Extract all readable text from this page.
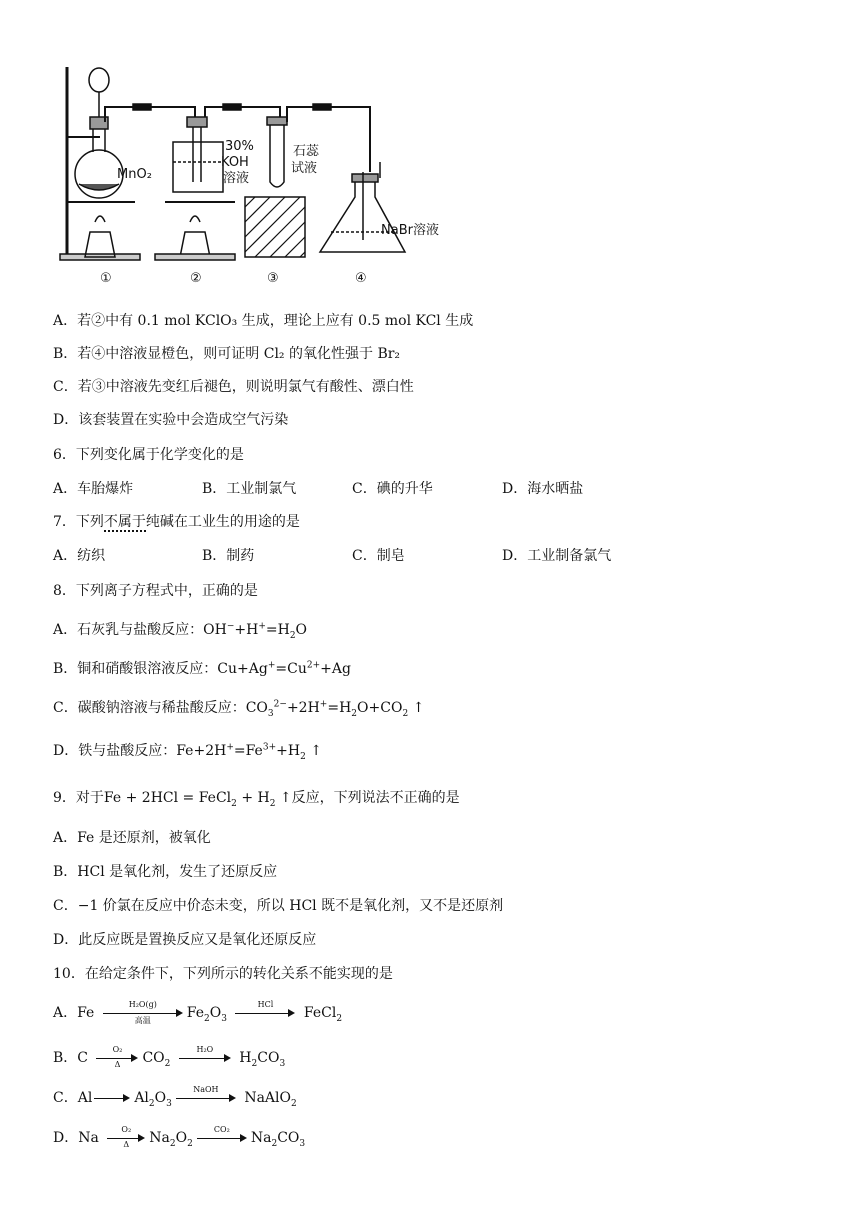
MnO₂
30%
KOH
溶液
石蕊
试液
NaBr溶液
①	②	③	④
A．若②中有 0.1 mol KClO₃ 生成，理论上应有 0.5 mol KCl 生成
B．若④中溶液显橙色，则可证明 Cl₂ 的氧化性强于 Br₂
C．若③中溶液先变红后褪色，则说明氯气有酸性、漂白性
D．该套装置在实验中会造成空气污染
6．下列变化属于化学变化的是
A．车胎爆炸	B．工业制氯气	C．碘的升华	D．海水晒盐
7．下列不属于纯碱在工业生的用途的是
A．纺织	B．制药	C．制皂	D．工业制备氯气
8．下列离子方程式中，正确的是
A．石灰乳与盐酸反应：$OH^-+H^+=H_2O$
B．铜和硝酸银溶液反应：$Cu+Ag^+=Cu^{2+}+Ag$
C．碳酸钠溶液与稀盐酸反应：$CO_3^{2-}+2H^+=H_2O+CO_2$ ↑
D．铁与盐酸反应：$Fe+2H^+=Fe^{3+}+H_2$ ↑
9．对于Fe + 2HCl = FeCl$_2$ + $H_2$ ↑反应，下列说法不正确的是
A．Fe 是还原剂，被氧化
B．HCl 是氧化剂，发生了还原反应
C．−1 价氯在反应中价态未变，所以 HCl 既不是氧化剂，又不是还原剂
D．此反应既是置换反应又是氧化还原反应
10．在给定条件下，下列所示的转化关系不能实现的是
A．Fe
H₂O(g)
高温	$Fe_2O_3$
HCl
FeCl$_2$
B．C $\frac{\text{O₂}}{\Delta} CO_2$
H₂O
$H_2CO_3$
C．Al	$Al_2O_3$
NaOH
NaAlO$_2$
D．Na $\frac{\text{O₂}}{\Delta} Na_2O_2$
CO₂
$Na_2CO_3$
